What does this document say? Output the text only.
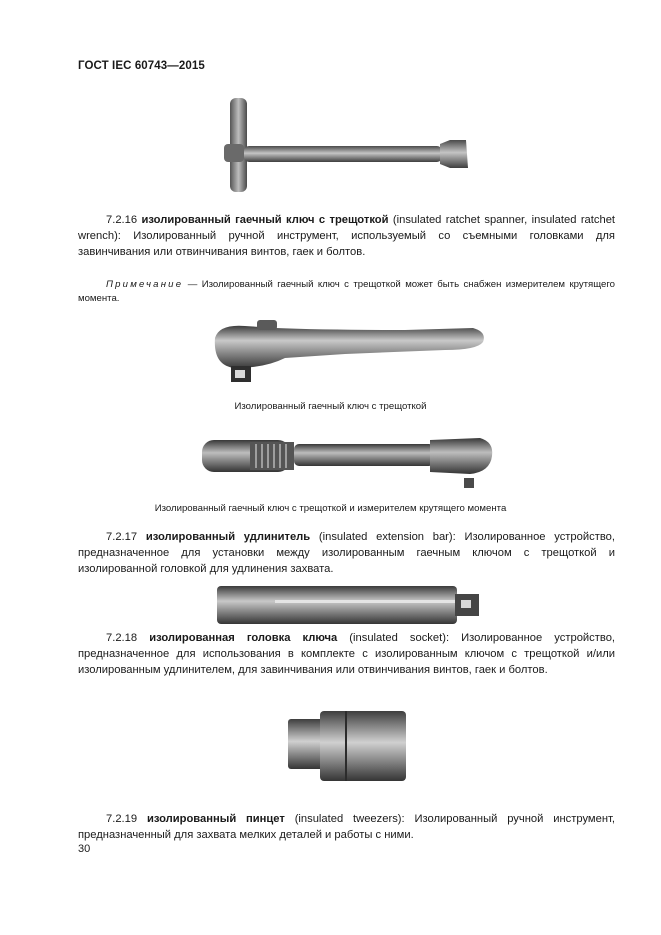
ГОСТ IEC 60743—2015
7.2.16 изолированный гаечный ключ с трещоткой (insulated ratchet spanner, insulated ratchet wrench): Изолированный ручной инструмент, используемый со съемными головками для завинчивания или отвинчивания винтов, гаек и болтов.
Примечание — Изолированный гаечный ключ с трещоткой может быть снабжен измерителем крутящего момента.
Изолированный гаечный ключ с трещоткой
Изолированный гаечный ключ с трещоткой и измерителем крутящего момента
7.2.17 изолированный удлинитель (insulated extension bar): Изолированное устройство, предназначенное для установки между изолированным гаечным ключом с трещоткой и изолированной головкой для удлинения захвата.
7.2.18 изолированная головка ключа (insulated socket): Изолированное устройство, предназначенное для использования в комплекте с изолированным ключом с трещоткой и/или изолированным удлинителем, для завинчивания или отвинчивания винтов, гаек и болтов.
7.2.19 изолированный пинцет (insulated tweezers): Изолированный ручной инструмент, предназначенный для захвата мелких деталей и работы с ними.
30
